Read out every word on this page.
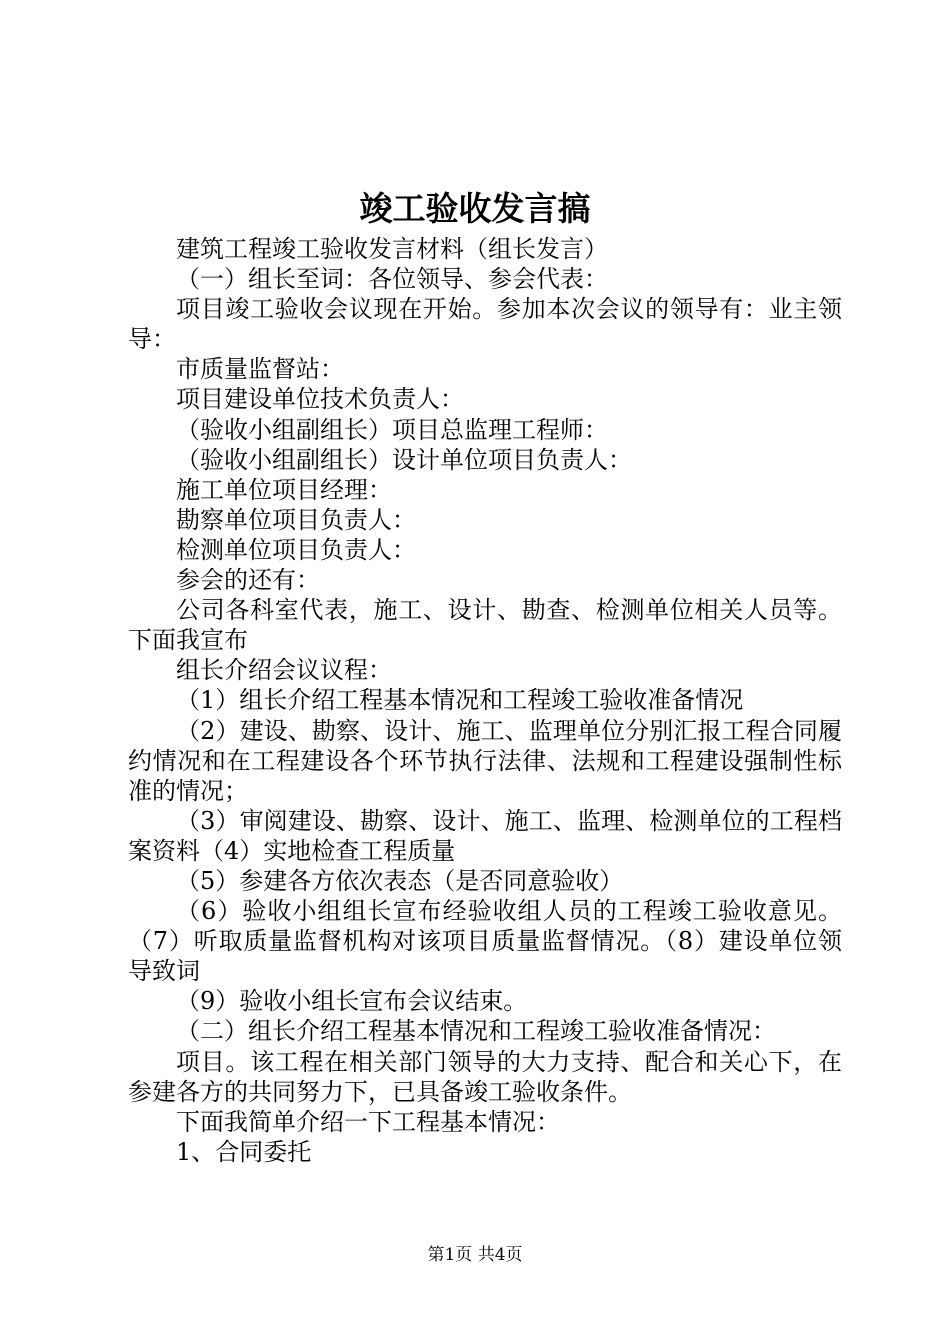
竣工验收发言搞

建筑工程竣工验收发言材料（组长发言）

（一）组长至词：各位领导、参会代表：

项目竣工验收会议现在开始。参加本次会议的领导有：业主领导：

市质量监督站：

项目建设单位技术负责人：

（验收小组副组长）项目总监理工程师：

（验收小组副组长）设计单位项目负责人：

施工单位项目经理：

勘察单位项目负责人：

检测单位项目负责人：

参会的还有：

公司各科室代表，施工、设计、勘查、检测单位相关人员等。下面我宣布

组长介绍会议议程：

（1）组长介绍工程基本情况和工程竣工验收准备情况

（2）建设、勘察、设计、施工、监理单位分别汇报工程合同履约情况和在工程建设各个环节执行法律、法规和工程建设强制性标准的情况；

（3）审阅建设、勘察、设计、施工、监理、检测单位的工程档案资料（4）实地检查工程质量

（5）参建各方依次表态（是否同意验收）

（6）验收小组组长宣布经验收组人员的工程竣工验收意见。（7）听取质量监督机构对该项目质量监督情况。（8）建设单位领导致词

（9）验收小组长宣布会议结束。

（二）组长介绍工程基本情况和工程竣工验收准备情况：

项目。该工程在相关部门领导的大力支持、配合和关心下，在参建各方的共同努力下，已具备竣工验收条件。

下面我简单介绍一下工程基本情况：

1、合同委托

第1页 共4页
